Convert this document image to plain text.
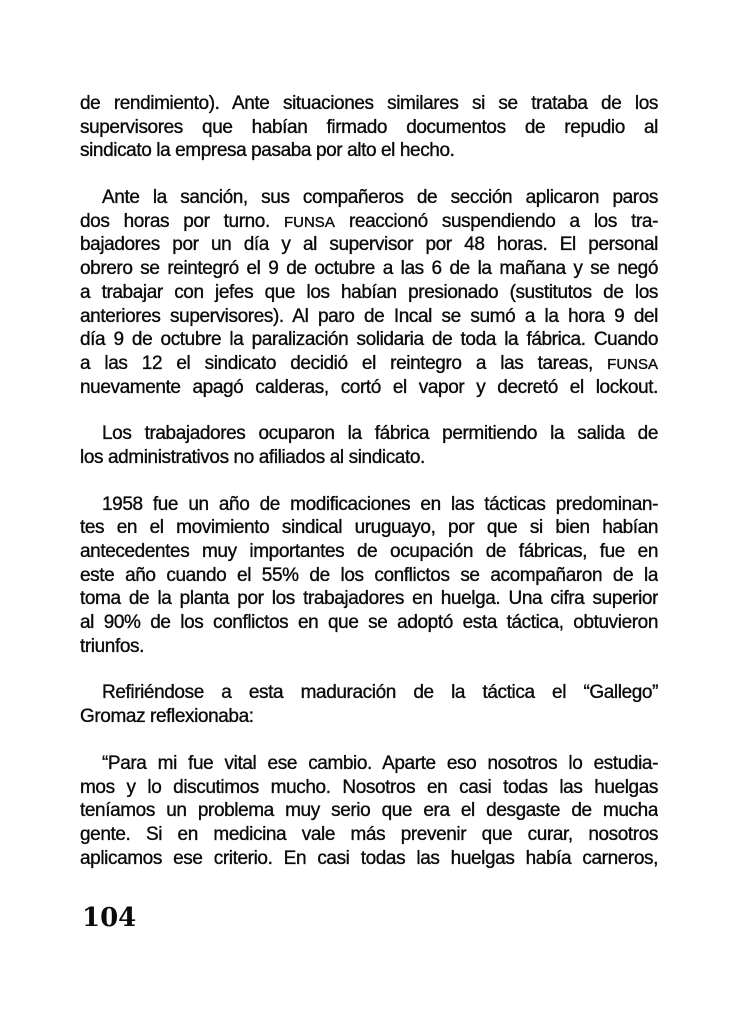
de rendimiento). Ante situaciones similares si se trataba de los
supervisores que habían firmado documentos de repudio al
sindicato la empresa pasaba por alto el hecho.
Ante la sanción, sus compañeros de sección aplicaron paros
dos horas por turno. FUNSA reaccionó suspendiendo a los tra-
bajadores por un día y al supervisor por 48 horas. El personal
obrero se reintegró el 9 de octubre a las 6 de la mañana y se negó
a trabajar con jefes que los habían presionado (sustitutos de los
anteriores supervisores). Al paro de Incal se sumó a la hora 9 del
día 9 de octubre la paralización solidaria de toda la fábrica. Cuando
a las 12 el sindicato decidió el reintegro a las tareas, FUNSA
nuevamente apagó calderas, cortó el vapor y decretó el lockout.
Los trabajadores ocuparon la fábrica permitiendo la salida de
los administrativos no afiliados al sindicato.
1958 fue un año de modificaciones en las tácticas predominan-
tes en el movimiento sindical uruguayo, por que si bien habían
antecedentes muy importantes de ocupación de fábricas, fue en
este año cuando el 55% de los conflictos se acompañaron de la
toma de la planta por los trabajadores en huelga. Una cifra superior
al 90% de los conflictos en que se adoptó esta táctica, obtuvieron
triunfos.
Refiriéndose a esta maduración de la táctica el “Gallego”
Gromaz reflexionaba:
“Para mi fue vital ese cambio. Aparte eso nosotros lo estudia-
mos y lo discutimos mucho. Nosotros en casi todas las huelgas
teníamos un problema muy serio que era el desgaste de mucha
gente. Si en medicina vale más prevenir que curar, nosotros
aplicamos ese criterio. En casi todas las huelgas había carneros,
104
